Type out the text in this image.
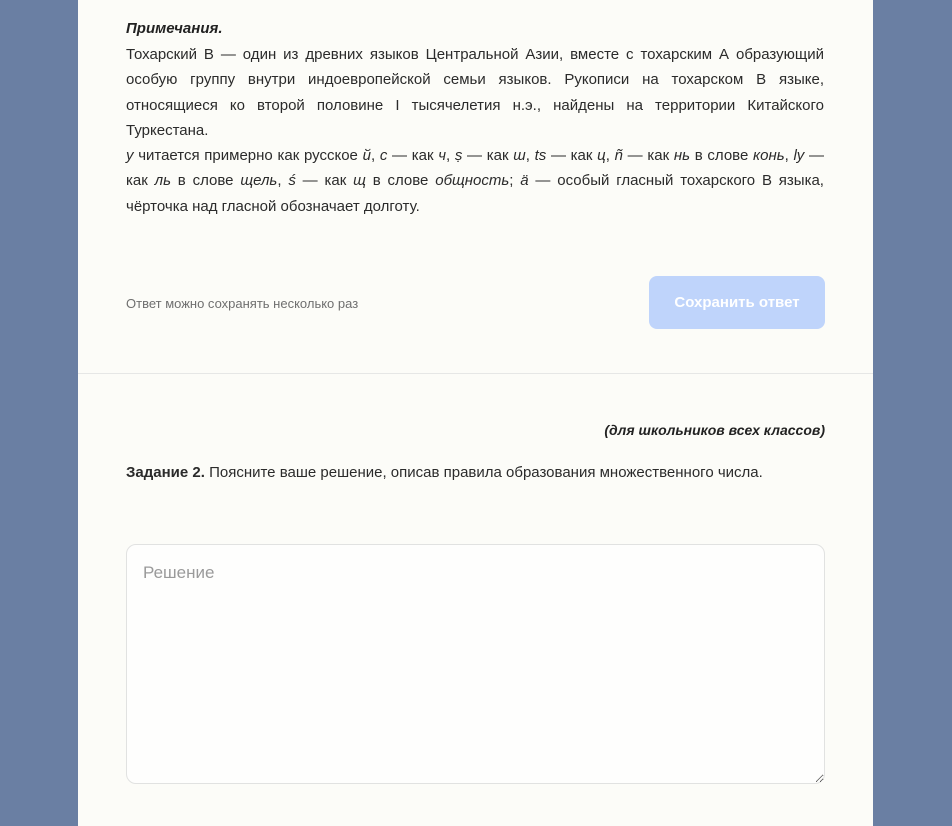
Примечания.

Тохарский В — один из древних языков Центральной Азии, вместе с тохарским А образующий особую группу внутри индоевропейской семьи языков. Рукописи на тохарском В языке, относящиеся ко второй половине I тысячелетия н.э., найдены на территории Китайского Туркестана.

y читается примерно как русское й, с — как ч, ṣ — как ш, ts — как ц, ñ — как нь в слове конь, ly — как ль в слове щель, ś — как щ в слове общность; ä — особый гласный тохарского В языка, чёрточка над гласной обозначает долготу.

Ответ можно сохранять несколько раз	Сохранить ответ
(для школьников всех классов)
Задание 2. Поясните ваше решение, описав правила образования множественного числа.
Решение
